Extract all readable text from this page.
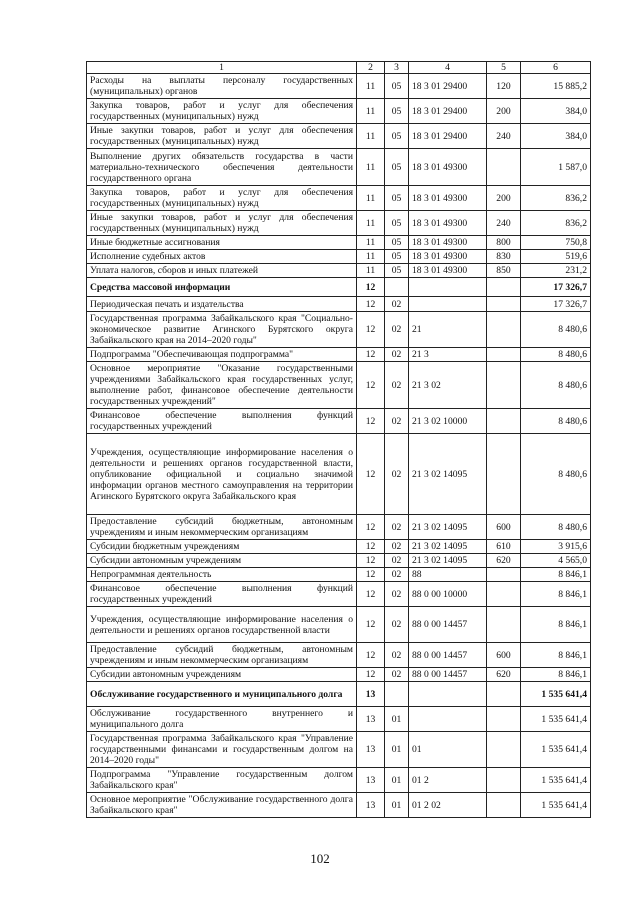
1	2	3	4	5	6
Расходы на выплаты персоналу государственных (муниципальных) органов	11	05	18 3 01 29400	120	15 885,2
Закупка товаров, работ и услуг для обеспечения государственных (муниципальных) нужд	11	05	18 3 01 29400	200	384,0
Иные закупки товаров, работ и услуг для обеспечения государственных (муниципальных) нужд	11	05	18 3 01 29400	240	384,0
Выполнение других обязательств государства в части материально-технического обеспечения деятельности государственного органа	11	05	18 3 01 49300		1 587,0
Закупка товаров, работ и услуг для обеспечения государственных (муниципальных) нужд	11	05	18 3 01 49300	200	836,2
Иные закупки товаров, работ и услуг для обеспечения государственных (муниципальных) нужд	11	05	18 3 01 49300	240	836,2
Иные бюджетные ассигнования	11	05	18 3 01 49300	800	750,8
Исполнение судебных актов	11	05	18 3 01 49300	830	519,6
Уплата налогов, сборов и иных платежей	11	05	18 3 01 49300	850	231,2
Средства массовой информации	12				17 326,7
Периодическая печать и издательства	12	02			17 326,7
Государственная программа Забайкальского края "Социально-экономическое развитие Агинского Бурятского округа Забайкальского края на 2014–2020 годы"	12	02	21		8 480,6
Подпрограмма "Обеспечивающая подпрограмма"	12	02	21 3		8 480,6
Основное мероприятие "Оказание государственными учреждениями Забайкальского края государственных услуг, выполнение работ, финансовое обеспечение деятельности государственных учреждений"	12	02	21 3 02		8 480,6
Финансовое обеспечение выполнения функций государственных учреждений	12	02	21 3 02 10000		8 480,6
Учреждения, осуществляющие информирование населения о деятельности и решениях органов государственной власти, опубликование официальной и социально значимой информации органов местного самоуправления на территории Агинского Бурятского округа Забайкальского края	12	02	21 3 02 14095		8 480,6
Предоставление субсидий бюджетным, автономным учреждениям и иным некоммерческим организациям	12	02	21 3 02 14095	600	8 480,6
Субсидии бюджетным учреждениям	12	02	21 3 02 14095	610	3 915,6
Субсидии автономным учреждениям	12	02	21 3 02 14095	620	4 565,0
Непрограммная деятельность	12	02	88		8 846,1
Финансовое обеспечение выполнения функций государственных учреждений	12	02	88 0 00 10000		8 846,1
Учреждения, осуществляющие информирование населения о деятельности и решениях органов государственной власти	12	02	88 0 00 14457		8 846,1
Предоставление субсидий бюджетным, автономным учреждениям и иным некоммерческим организациям	12	02	88 0 00 14457	600	8 846,1
Субсидии автономным учреждениям	12	02	88 0 00 14457	620	8 846,1
Обслуживание государственного и муниципального долга	13				1 535 641,4
Обслуживание государственного внутреннего и муниципального долга	13	01			1 535 641,4
Государственная программа Забайкальского края "Управление государственными финансами и государственным долгом на 2014–2020 годы"	13	01	01		1 535 641,4
Подпрограмма "Управление государственным долгом Забайкальского края"	13	01	01 2		1 535 641,4
Основное мероприятие "Обслуживание государственного долга Забайкальского края"	13	01	01 2 02		1 535 641,4
102
